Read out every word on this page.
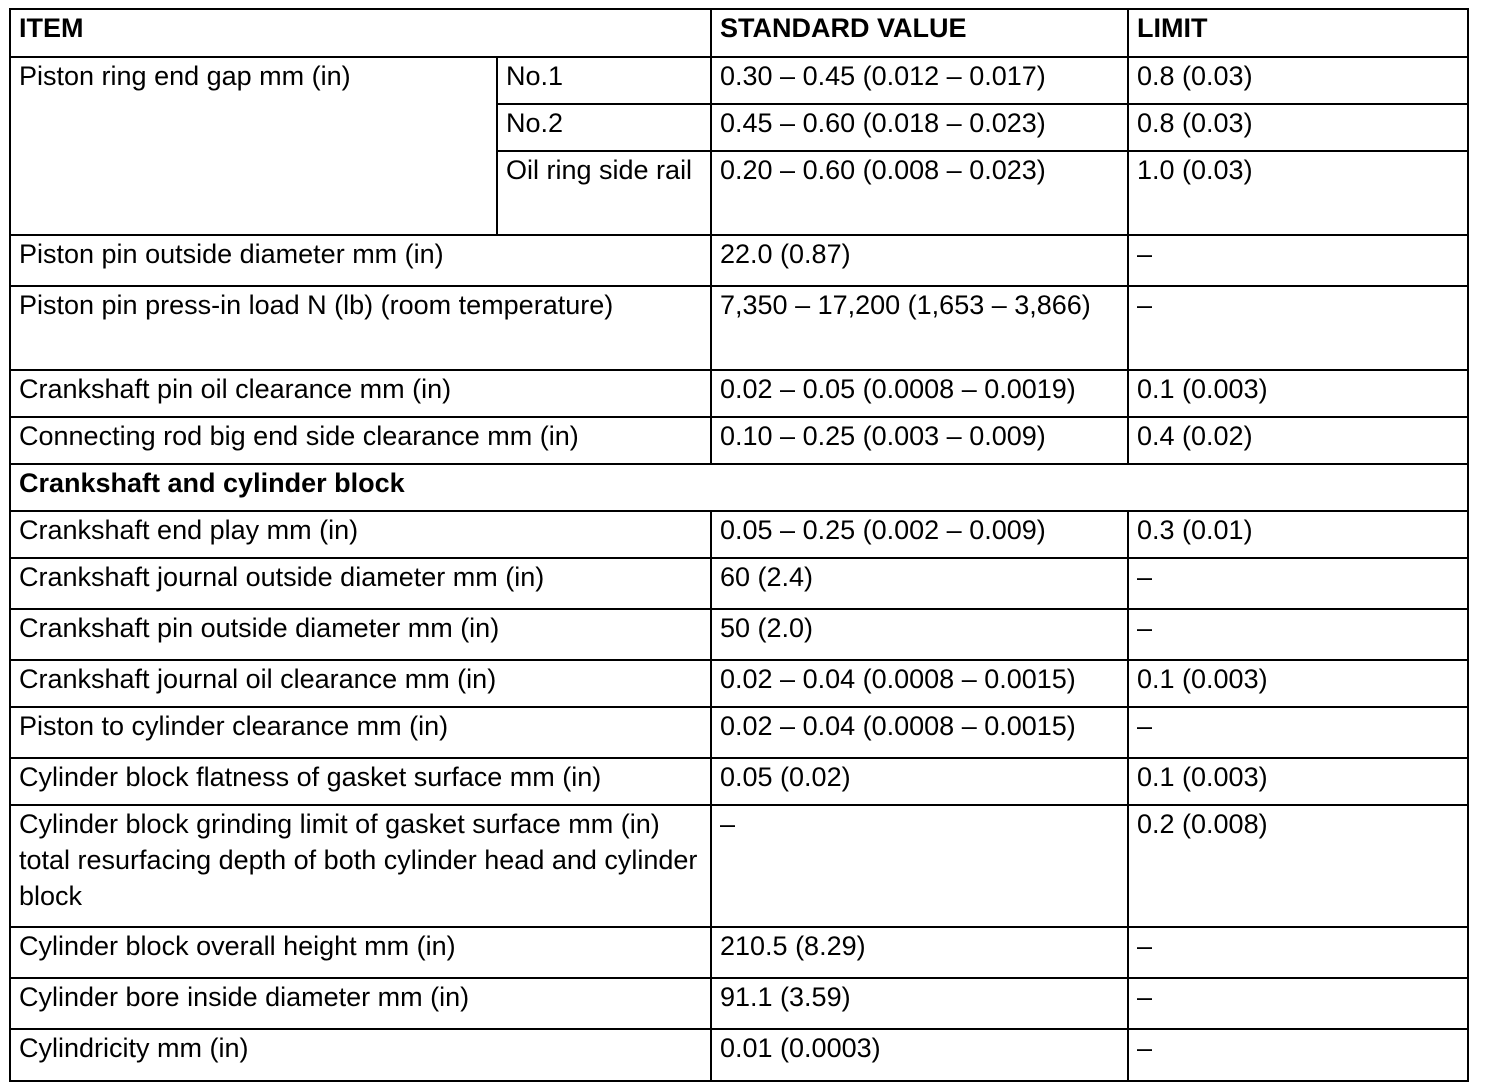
ITEM		STANDARD VALUE	LIMIT
Piston ring end gap mm (in)	No.1	0.30 – 0.45 (0.012 – 0.017)	0.8 (0.03)
	No.2	0.45 – 0.60 (0.018 – 0.023)	0.8 (0.03)
	Oil ring side rail	0.20 – 0.60 (0.008 – 0.023)	1.0 (0.03)
Piston pin outside diameter mm (in)		22.0 (0.87)	–
Piston pin press-in load N (lb) (room temperature)		7,350 – 17,200 (1,653 – 3,866)	–
Crankshaft pin oil clearance mm (in)		0.02 – 0.05 (0.0008 – 0.0019)	0.1 (0.003)
Connecting rod big end side clearance mm (in)		0.10 – 0.25 (0.003 – 0.009)	0.4 (0.02)
Crankshaft and cylinder block			
Crankshaft end play mm (in)		0.05 – 0.25 (0.002 – 0.009)	0.3 (0.01)
Crankshaft journal outside diameter mm (in)		60 (2.4)	–
Crankshaft pin outside diameter mm (in)		50 (2.0)	–
Crankshaft journal oil clearance mm (in)		0.02 – 0.04 (0.0008 – 0.0015)	0.1 (0.003)
Piston to cylinder clearance mm (in)		0.02 – 0.04 (0.0008 – 0.0015)	–
Cylinder block flatness of gasket surface mm (in)		0.05 (0.02)	0.1 (0.003)
Cylinder block grinding limit of gasket surface mm (in) total resurfacing depth of both cylinder head and cylinder block		–	0.2 (0.008)
Cylinder block overall height mm (in)		210.5 (8.29)	–
Cylinder bore inside diameter mm (in)		91.1 (3.59)	–
Cylindricity mm (in)		0.01 (0.0003)	–
